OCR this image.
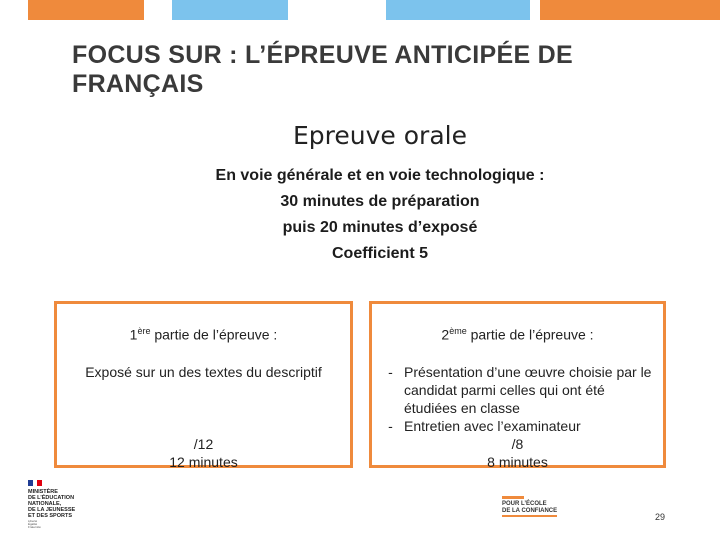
FOCUS SUR : L’ÉPREUVE ANTICIPÉE DE FRANÇAIS
Epreuve orale
En voie générale et en voie technologique :
30 minutes de préparation
puis 20 minutes d’exposé
Coefficient 5
1ère partie de l’épreuve :
Exposé sur un des textes du descriptif
/12
12 minutes
2ème partie de l’épreuve :
- Présentation d’une œuvre choisie par le candidat parmi celles qui ont été étudiées en classe
- Entretien avec l’examinateur
/8
8 minutes
MINISTÈRE
DE L’ÉDUCATION
NATIONALE,
DE LA JEUNESSE
ET DES SPORTS
Liberté
Égalité
Fraternité
POUR L’ÉCOLE
DE LA CONFIANCE
29
